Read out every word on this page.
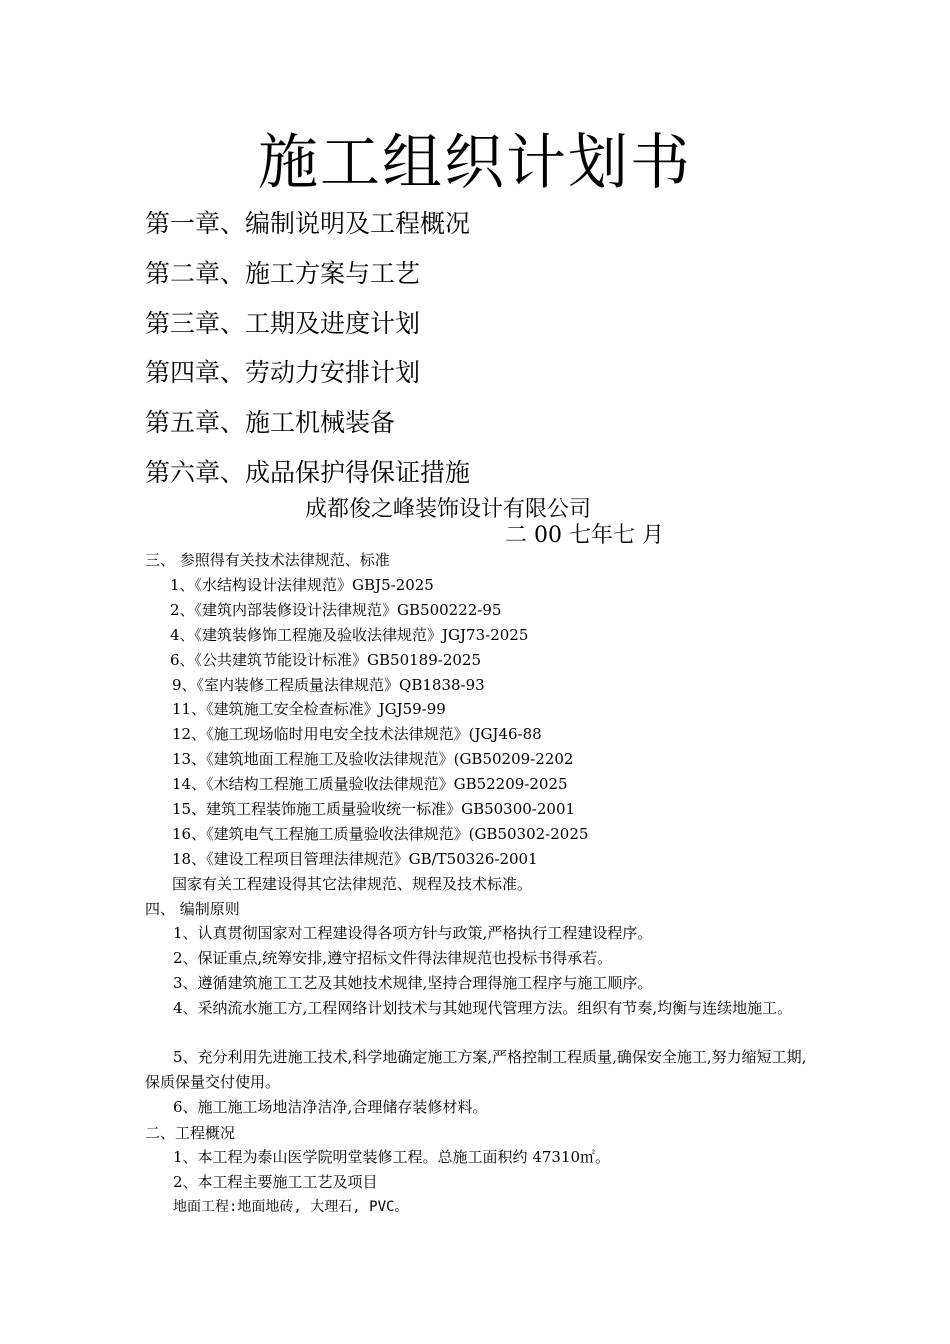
施工组织计划书
第一章、编制说明及工程概况
第二章、施工方案与工艺
第三章、工期及进度计划
第四章、劳动力安排计划
第五章、施工机械装备
第六章、成品保护得保证措施
成都俊之峰装饰设计有限公司
二 00 七年七 月
三、 参照得有关技术法律规范、标准
1、《水结构设计法律规范》GBJ5-2025
2、《建筑内部装修设计法律规范》GB500222-95
4、《建筑装修饰工程施及验收法律规范》JGJ73-2025
6、《公共建筑节能设计标准》GB50189-2025
9、《室内装修工程质量法律规范》QB1838-93
11、《建筑施工安全检查标准》JGJ59-99
12、《施工现场临时用电安全技术法律规范》(JGJ46-88
13、《建筑地面工程施工及验收法律规范》(GB50209-2202
14、《木结构工程施工质量验收法律规范》GB52209-2025
15、建筑工程装饰施工质量验收统一标准》GB50300-2001
16、《建筑电气工程施工质量验收法律规范》(GB50302-2025
18、《建设工程项目管理法律规范》GB/T50326-2001
国家有关工程建设得其它法律规范、规程及技术标准。
四、 编制原则
1、认真贯彻国家对工程建设得各项方针与政策,严格执行工程建设程序。
2、保证重点,统筹安排,遵守招标文件得法律规范也投标书得承若。
3、遵循建筑施工工艺及其她技术规律,坚持合理得施工程序与施工顺序。
4、采纳流水施工方,工程网络计划技术与其她现代管理方法。组织有节奏,均衡与连续地施工。
5、充分利用先进施工技术,科学地确定施工方案,严格控制工程质量,确保安全施工,努力缩短工期,保质保量交付使用。
6、施工施工场地洁净洁净,合理储存装修材料。
二、工程概况
1、本工程为泰山医学院明堂装修工程。总施工面积约 47310㎡。
2、本工程主要施工工艺及项目
地面工程:地面地砖, 大理石, PVC。
